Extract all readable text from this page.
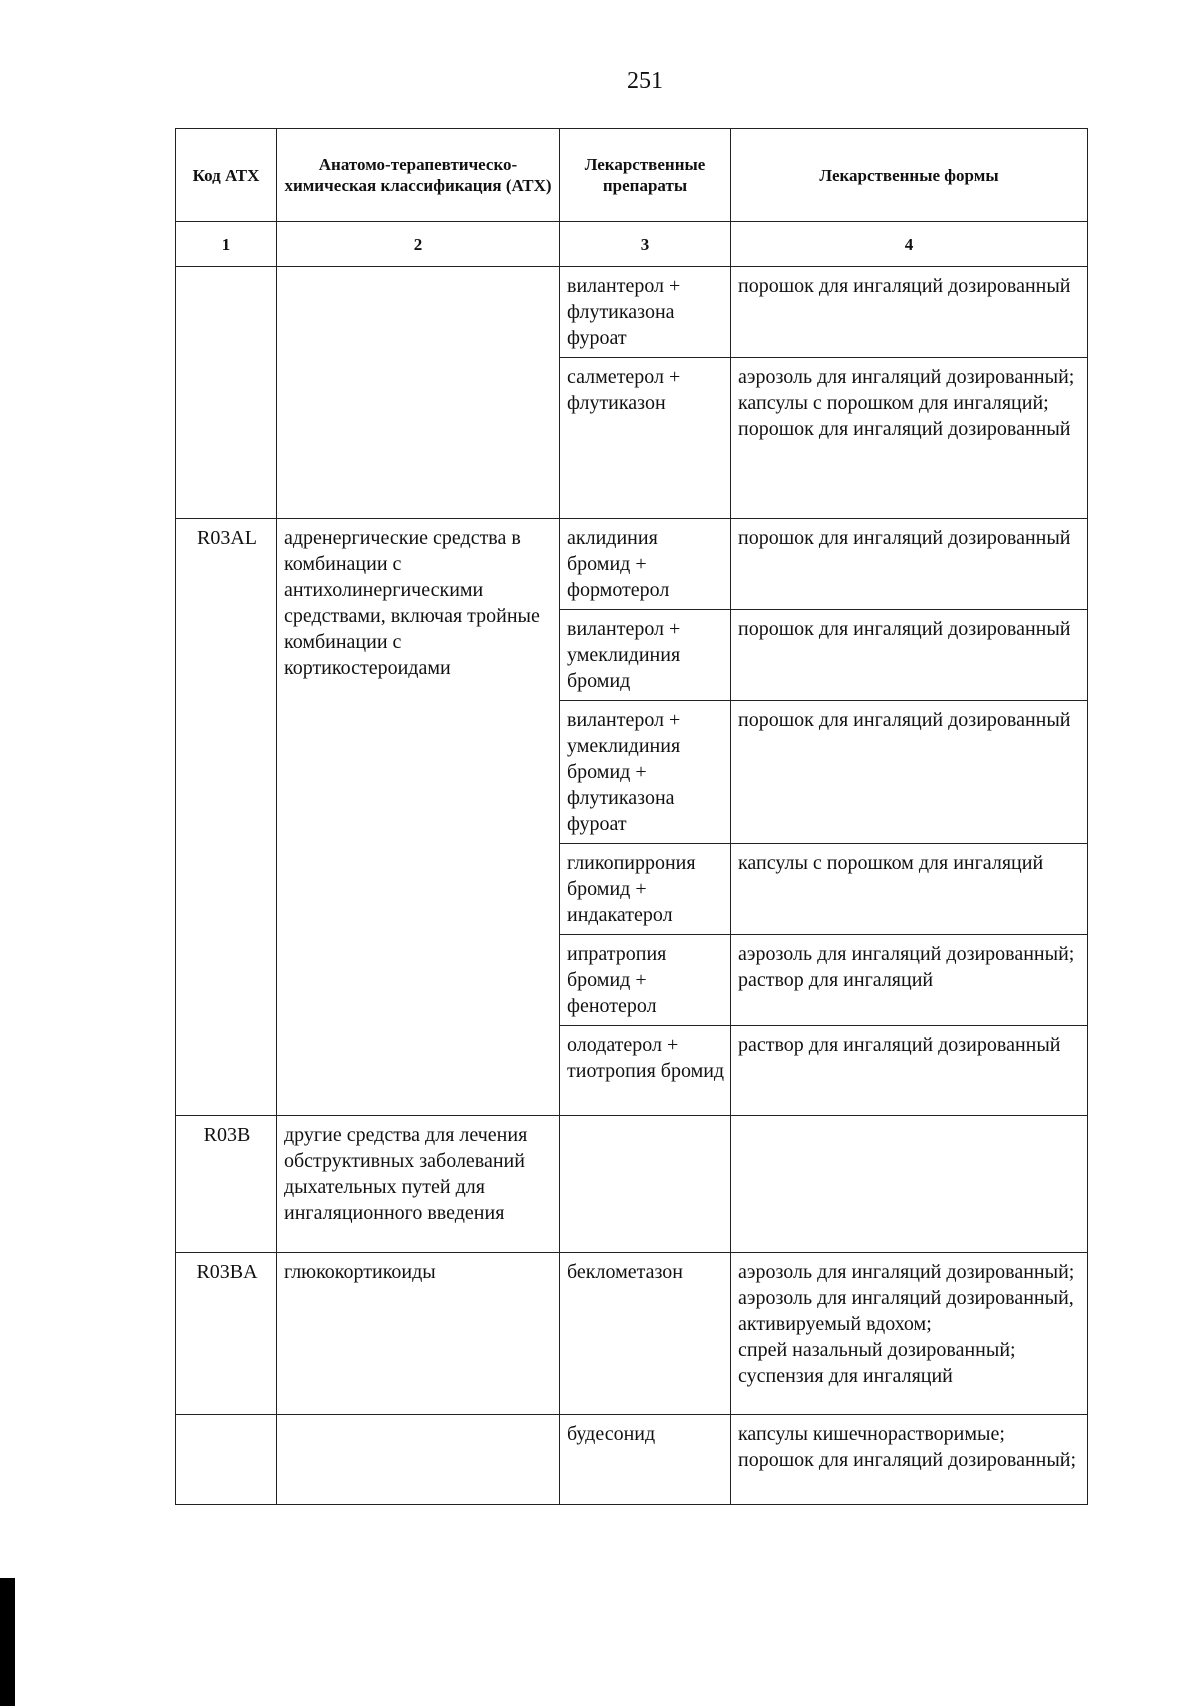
251
Код АТХ	Анатомо-терапевтическо-химическая классификация (АТХ)	Лекарственные препараты	Лекарственные формы
1	2	3	4
		вилантерол + флутиказона фуроат	порошок для ингаляций дозированный

		салметерол + флутиказон	аэрозоль для ингаляций дозированный;
капсулы с порошком для ингаляций;
порошок для ингаляций дозированный

R03AL	адренергические средства в комбинации с антихолинергическими средствами, включая тройные комбинации с кортикостероидами	аклидиния бромид + формотерол	порошок для ингаляций дозированный

		вилантерол + умеклидиния бромид	порошок для ингаляций дозированный

		вилантерол + умеклидиния бромид + флутиказона фуроат	порошок для ингаляций дозированный

		гликопиррония бромид + индакатерол	капсулы с порошком для ингаляций

		ипратропия бромид + фенотерол	аэрозоль для ингаляций дозированный;
раствор для ингаляций

		олодатерол + тиотропия бромид	раствор для ингаляций дозированный

R03B	другие средства для лечения обструктивных заболеваний дыхательных путей для ингаляционного введения		
R03BA	глюкокортикоиды	беклометазон	аэрозоль для ингаляций дозированный;
аэрозоль для ингаляций дозированный, активируемый вдохом;
спрей назальный дозированный;
суспензия для ингаляций

		будесонид	капсулы кишечнорастворимые;
порошок для ингаляций дозированный;
